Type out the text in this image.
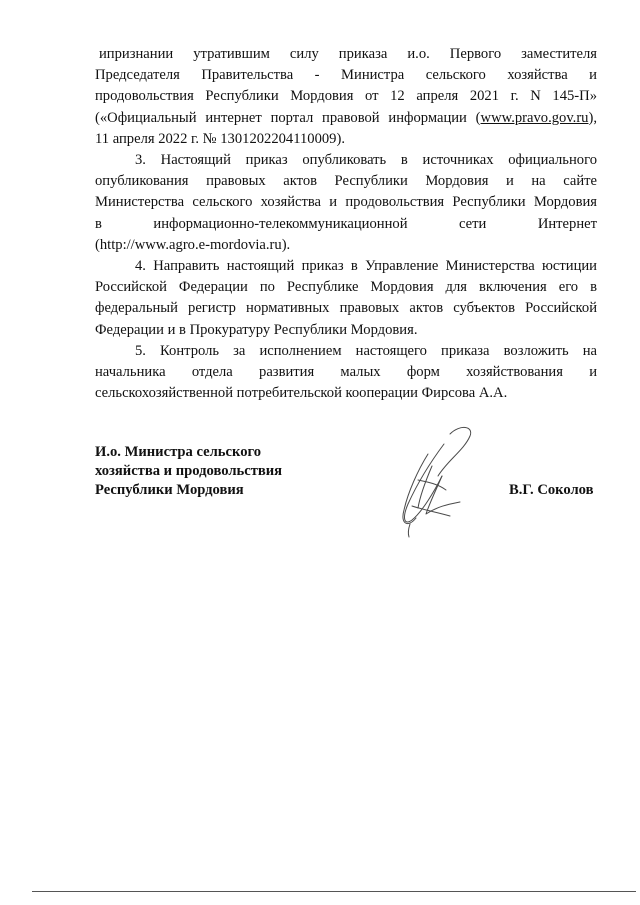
ипризнании утратившим силу приказа и.о. Первого заместителя

Председателя Правительства - Министра сельского хозяйства и

продовольствия Республики Мордовия от 12 апреля 2021 г. N 145-П»

(«Официальный интернет портал правовой информации (www.pravo.gov.ru),

11 апреля 2022 г. № 1301202204110009).

3. Настоящий приказ опубликовать в источниках официального

опубликования правовых актов Республики Мордовия и на сайте

Министерства сельского хозяйства и продовольствия Республики Мордовия

в информационно-телекоммуникационной сети Интернет

(http://www.agro.e-mordovia.ru).

4. Направить настоящий приказ в Управление Министерства юстиции

Российской Федерации по Республике Мордовия для включения его в

федеральный регистр нормативных правовых актов субъектов Российской

Федерации и в Прокуратуру Республики Мордовия.

5. Контроль за исполнением настоящего приказа возложить на

начальника отдела развития малых форм хозяйствования и

сельскохозяйственной потребительской кооперации Фирсова А.А.

И.о. Министра сельского
хозяйства и продовольствия
Республики Мордовия	В.Г. Соколов
